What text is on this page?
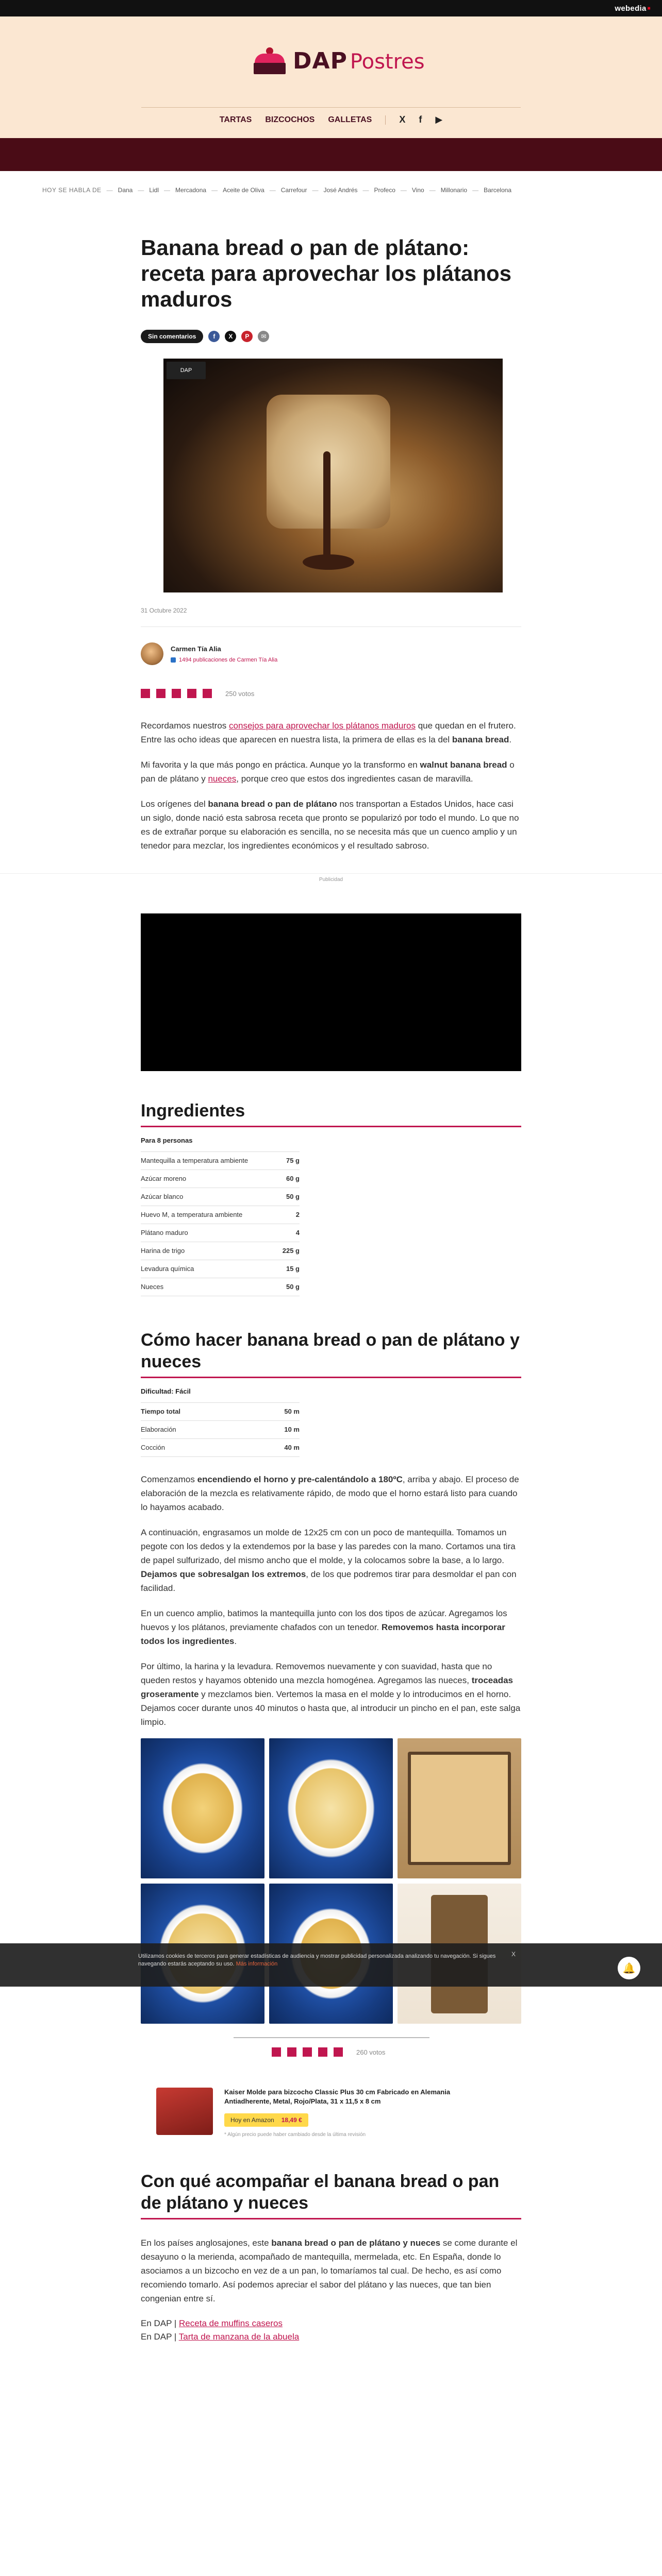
webedia ■
DAP Postres
TARTAS BIZCOCHOS GALLETAS	X f ▶
HOY SE HABLA DE — Dana — Lidl — Mercadona — Aceite de Oliva — Carrefour — José Andrés — Profeco — Vino — Millonario — Barcelona
Banana bread o pan de plátano: receta para aprovechar los plátanos maduros
Sin comentarios	f	X	P	✉
DAP
31 Octubre 2022
Carmen Tía Alia
1494 publicaciones de Carmen Tía Alia
250 votos

Recordamos nuestros consejos para aprovechar los plátanos maduros que quedan en el frutero. Entre las ocho ideas que aparecen en nuestra lista, la primera de ellas es la del banana bread.

Mi favorita y la que más pongo en práctica. Aunque yo la transformo en walnut banana bread o pan de plátano y nueces, porque creo que estos dos ingredientes casan de maravilla.

Los orígenes del banana bread o pan de plátano nos transportan a Estados Unidos, hace casi un siglo, donde nació esta sabrosa receta que pronto se popularizó por todo el mundo. Lo que no es de extrañar porque su elaboración es sencilla, no se necesita más que un cuenco amplio y un tenedor para mezclar, los ingredientes económicos y el resultado sabroso.

Publicidad
Ingredientes
Para 8 personas
Mantequilla a temperatura ambiente	75 g
Azúcar moreno	60 g
Azúcar blanco	50 g
Huevo M, a temperatura ambiente	2
Plátano maduro	4
Harina de trigo	225 g
Levadura química	15 g
Nueces	50 g
Cómo hacer banana bread o pan de plátano y nueces
Dificultad: Fácil
Tiempo total	50 m
Elaboración	10 m
Cocción	40 m

Comenzamos encendiendo el horno y pre-calentándolo a 180ºC, arriba y abajo. El proceso de elaboración de la mezcla es relativamente rápido, de modo que el horno estará listo para cuando lo hayamos acabado.

A continuación, engrasamos un molde de 12x25 cm con un poco de mantequilla. Tomamos un pegote con los dedos y la extendemos por la base y las paredes con la mano. Cortamos una tira de papel sulfurizado, del mismo ancho que el molde, y la colocamos sobre la base, a lo largo. Dejamos que sobresalgan los extremos, de los que podremos tirar para desmoldar el pan con facilidad.

En un cuenco amplio, batimos la mantequilla junto con los dos tipos de azúcar. Agregamos los huevos y los plátanos, previamente chafados con un tenedor. Removemos hasta incorporar todos los ingredientes.

Por último, la harina y la levadura. Removemos nuevamente y con suavidad, hasta que no queden restos y hayamos obtenido una mezcla homogénea. Agregamos las nueces, troceadas groseramente y mezclamos bien. Vertemos la masa en el molde y lo introducimos en el horno. Dejamos cocer durante unos 40 minutos o hasta que, al introducir un pincho en el pan, este salga limpio.

260 votos
Kaiser Molde para bizcocho Classic Plus 30 cm Fabricado en Alemania Antiadherente, Metal, Rojo/Plata, 31 x 11,5 x 8 cm
Hoy en Amazon 18,49 €
* Algún precio puede haber cambiado desde la última revisión
Con qué acompañar el banana bread o pan de plátano y nueces

En los países anglosajones, este banana bread o pan de plátano y nueces se come durante el desayuno o la merienda, acompañado de mantequilla, mermelada, etc. En España, donde lo asociamos a un bizcocho en vez de a un pan, lo tomaríamos tal cual. De hecho, es así como recomiendo tomarlo. Así podemos apreciar el sabor del plátano y las nueces, que tan bien congenian entre sí.

En DAP | Receta de muffins caseros
En DAP | Tarta de manzana de la abuela
Utilizamos cookies de terceros para generar estadísticas de audiencia y mostrar publicidad personalizada analizando tu navegación. Si sigues navegando estarás aceptando su uso. Más información
X
🔔
